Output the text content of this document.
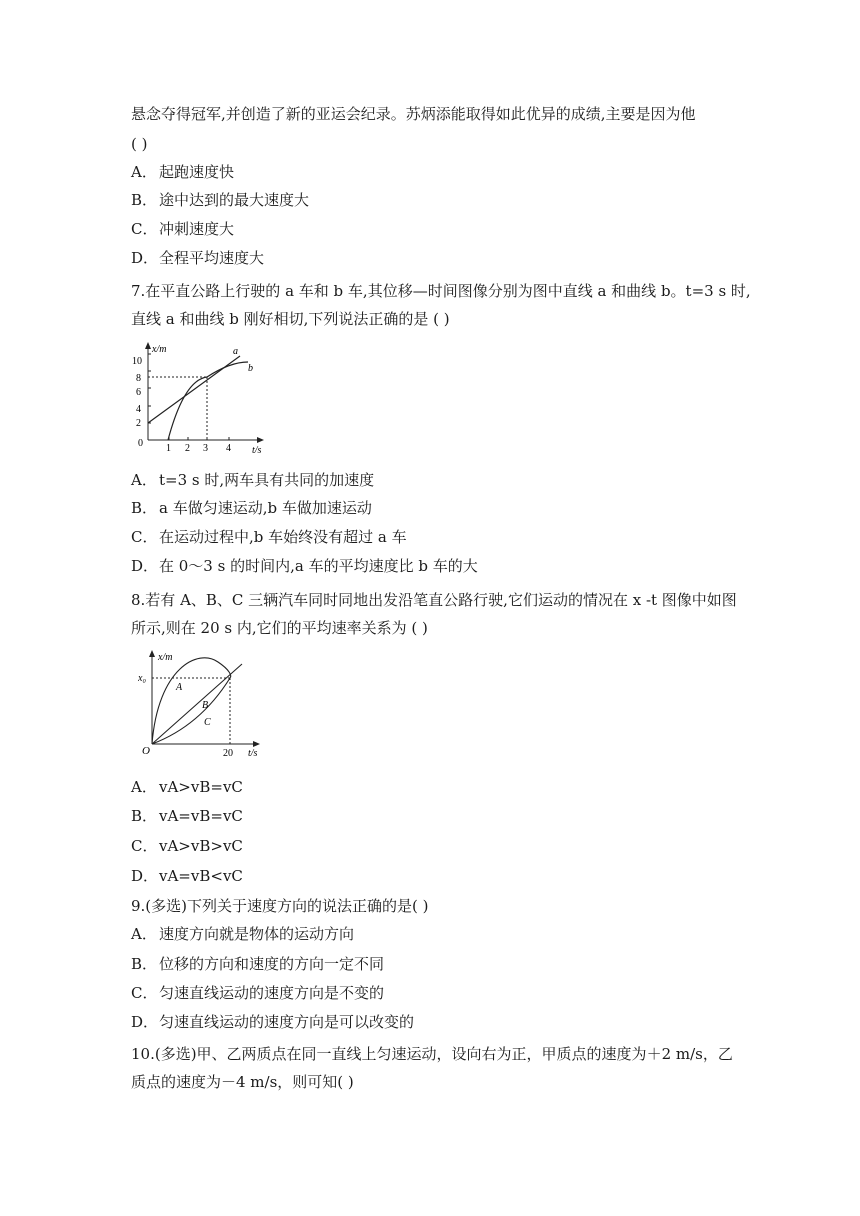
悬念夺得冠军,并创造了新的亚运会纪录。苏炳添能取得如此优异的成绩,主要是因为他
( )
A． 起跑速度快
B． 途中达到的最大速度大
C． 冲刺速度大
D．全程平均速度大
7.在平直公路上行驶的 a 车和 b 车,其位移—时间图像分别为图中直线 a 和曲线 b。t=3 s 时,
直线 a 和曲线 b 刚好相切,下列说法正确的是 ( )
x/m
t/s
0
2
4
6
8
10
1 2 3 4
a
b
A． t=3 s 时,两车具有共同的加速度
B． a 车做匀速运动,b 车做加速运动
C． 在运动过程中,b 车始终没有超过 a 车
D．在 0～3 s 的时间内,a 车的平均速度比 b 车的大
8.若有 A、B、C 三辆汽车同时同地出发沿笔直公路行驶,它们运动的情况在 x -t 图像中如图
所示,则在 20 s 内,它们的平均速率关系为 ( )
x/m
t/s
O
x₀
20
A
B
C
A． vA>vB=vC
B． vA=vB=vC
C． vA>vB>vC
D．vA=vB<vC
9.(多选)下列关于速度方向的说法正确的是( )
A． 速度方向就是物体的运动方向
B． 位移的方向和速度的方向一定不同
C． 匀速直线运动的速度方向是不变的
D．匀速直线运动的速度方向是可以改变的
10.(多选)甲、乙两质点在同一直线上匀速运动，设向右为正，甲质点的速度为＋2 m/s，乙
质点的速度为－4 m/s，则可知( )
